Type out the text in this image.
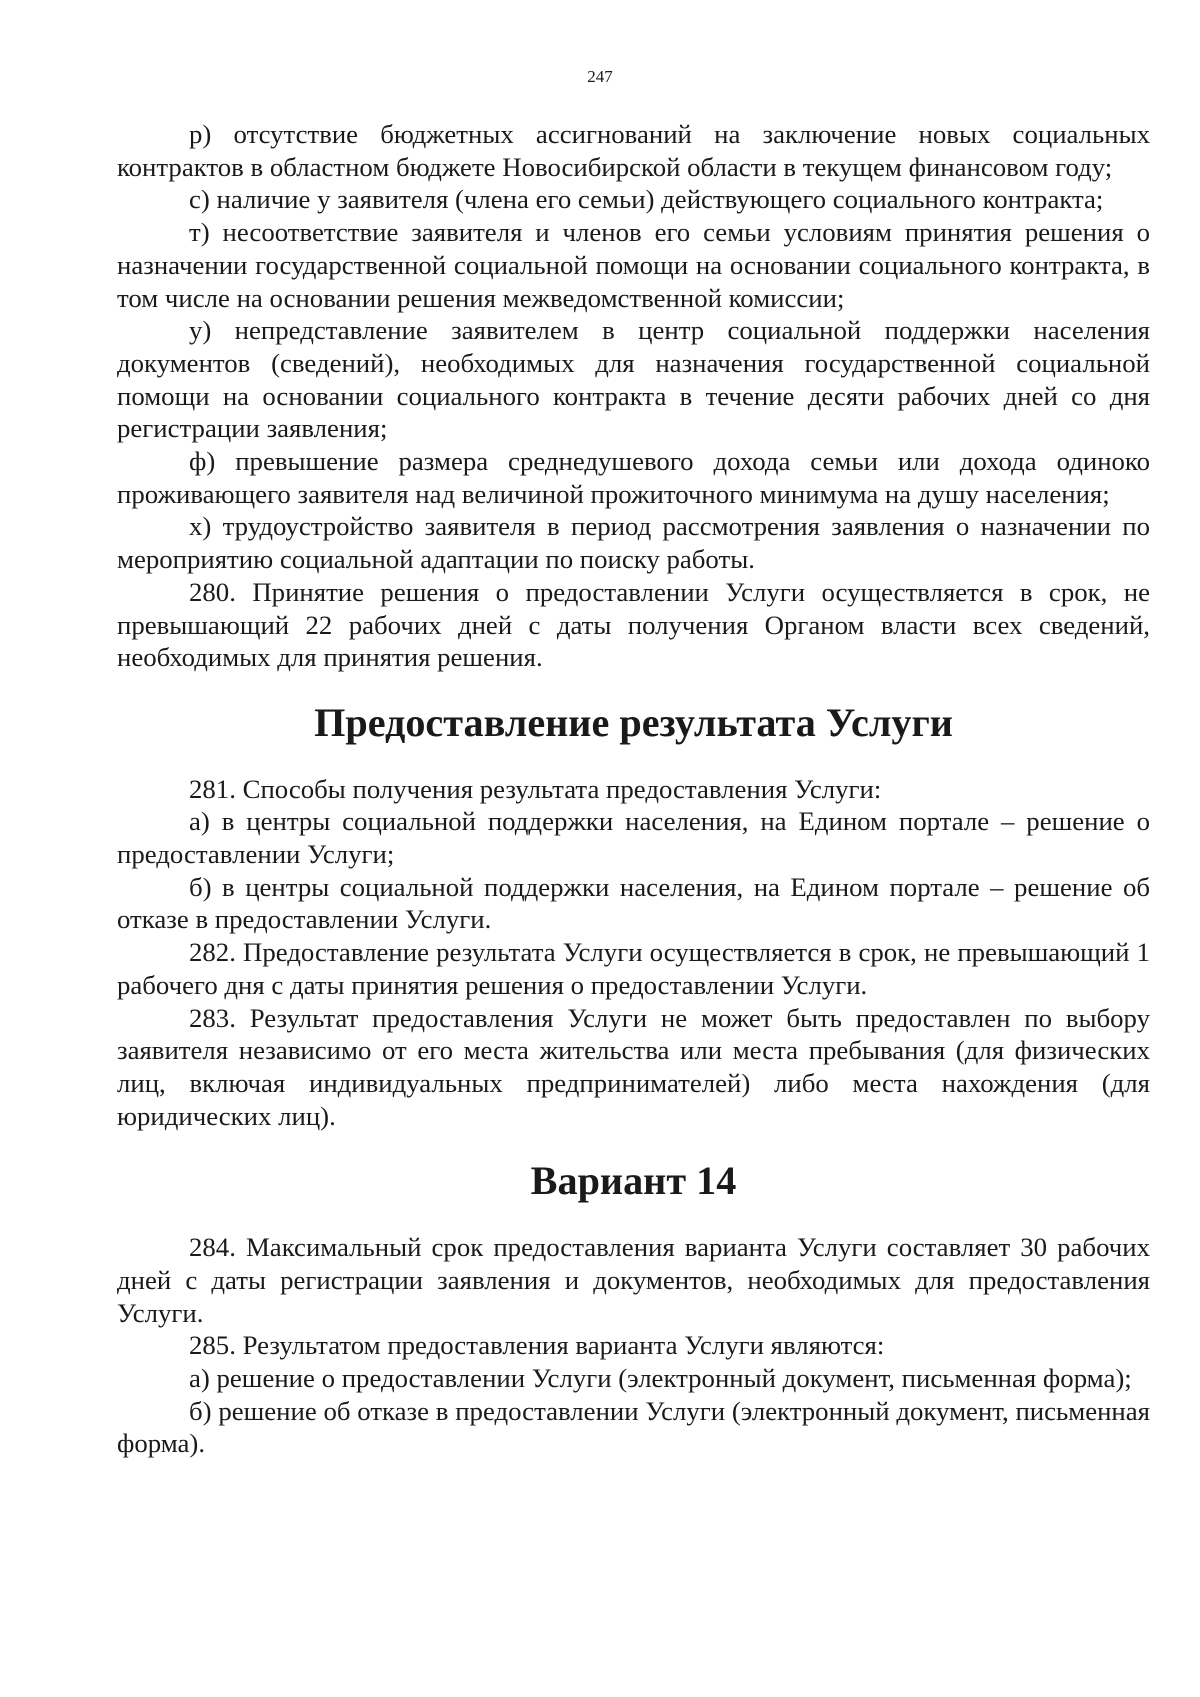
247

р) отсутствие бюджетных ассигнований на заключение новых социальных контрактов в областном бюджете Новосибирской области в текущем финансовом году;

с) наличие у заявителя (члена его семьи) действующего социального контракта;

т) несоответствие заявителя и членов его семьи условиям принятия решения о назначении государственной социальной помощи на основании социального контракта, в том числе на основании решения межведомственной комиссии;

у) непредставление заявителем в центр социальной поддержки населения документов (сведений), необходимых для назначения государственной социальной помощи на основании социального контракта в течение десяти рабочих дней со дня регистрации заявления;

ф) превышение размера среднедушевого дохода семьи или дохода одиноко проживающего заявителя над величиной прожиточного минимума на душу населения;

х) трудоустройство заявителя в период рассмотрения заявления о назначении по мероприятию социальной адаптации по поиску работы.

280. Принятие решения о предоставлении Услуги осуществляется в срок, не превышающий 22 рабочих дней с даты получения Органом власти всех сведений, необходимых для принятия решения.

Предоставление результата Услуги

281. Способы получения результата предоставления Услуги:

а) в центры социальной поддержки населения, на Едином портале – решение о предоставлении Услуги;

б) в центры социальной поддержки населения, на Едином портале – решение об отказе в предоставлении Услуги.

282. Предоставление результата Услуги осуществляется в срок, не превышающий 1 рабочего дня с даты принятия решения о предоставлении Услуги.

283. Результат предоставления Услуги не может быть предоставлен по выбору заявителя независимо от его места жительства или места пребывания (для физических лиц, включая индивидуальных предпринимателей) либо места нахождения (для юридических лиц).

Вариант 14

284. Максимальный срок предоставления варианта Услуги составляет 30 рабочих дней с даты регистрации заявления и документов, необходимых для предоставления Услуги.

285. Результатом предоставления варианта Услуги являются:

а) решение о предоставлении Услуги (электронный документ, письменная форма);

б) решение об отказе в предоставлении Услуги (электронный документ, письменная форма).
